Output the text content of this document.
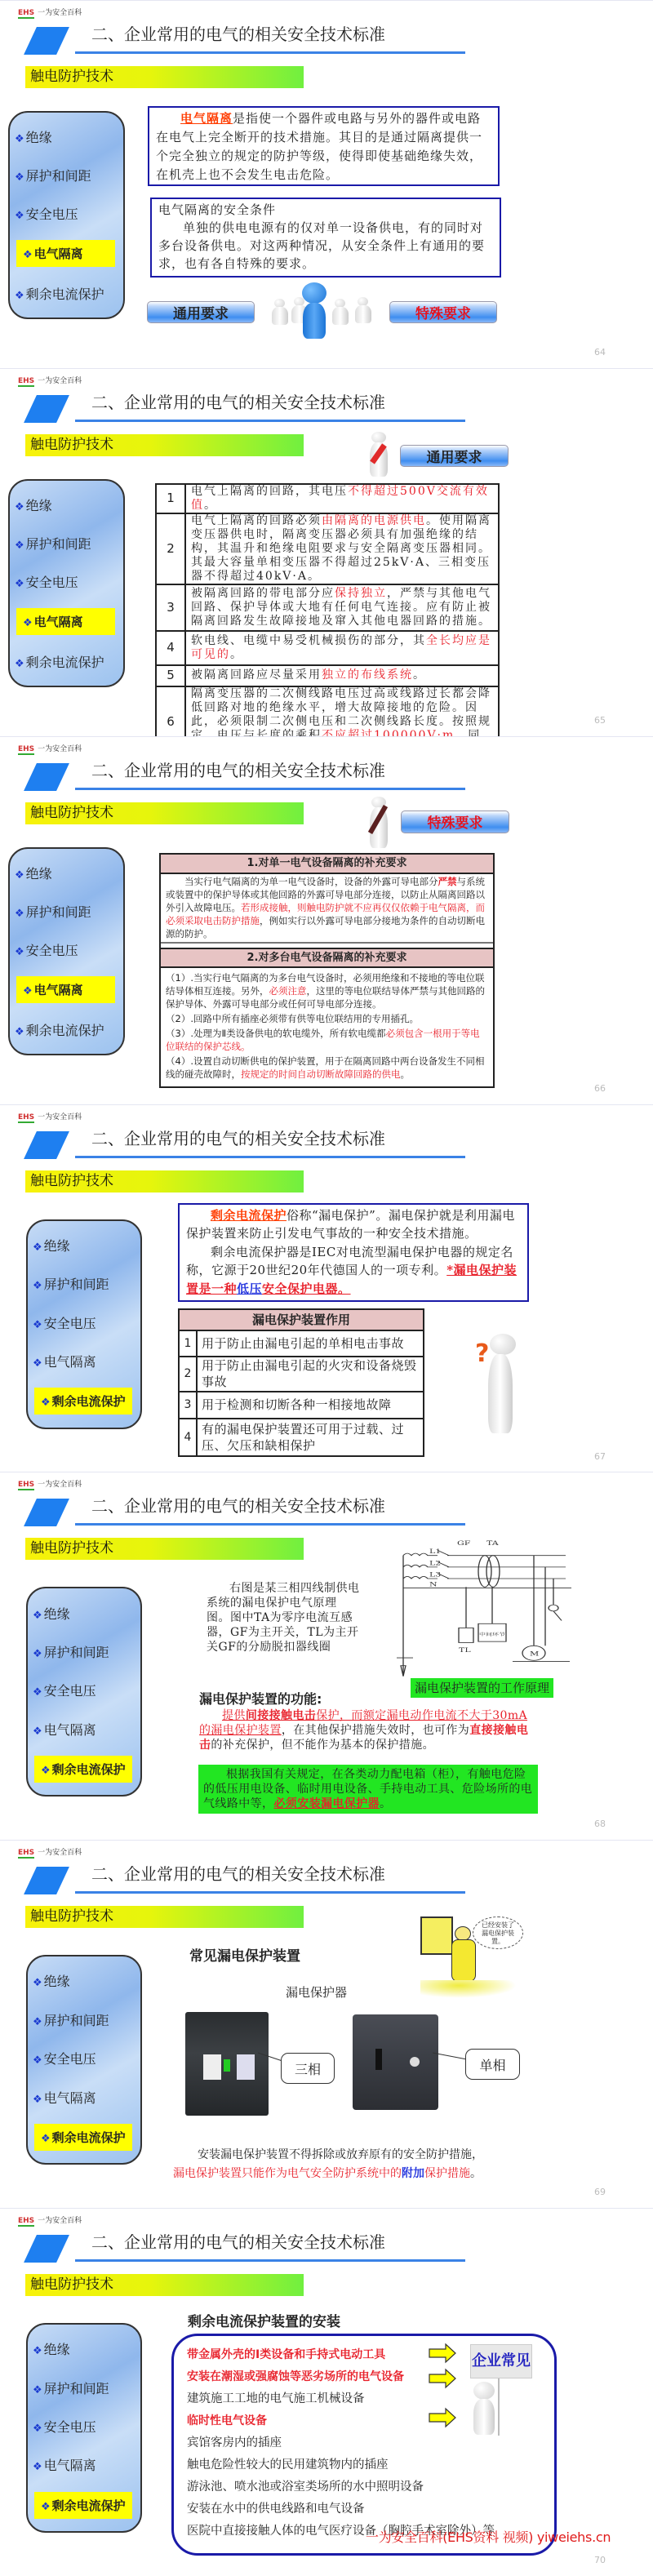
EHS 一为安全百科
二、企业常用的电气的相关安全技术标准
触电防护技术
❖ 绝缘
❖ 屏护和间距
❖ 安全电压
❖ 电气隔离
❖ 剩余电流保护

电气隔离是指使一个器件或电路与另外的器件或电路在电气上完全断开的技术措施。其目的是通过隔离提供一个完全独立的规定的防护等级，使得即使基础绝缘失效，在机壳上也不会发生电击危险。

电气隔离的安全条件

单独的供电电源有的仅对单一设备供电，有的同时对多台设备供电。对这两种情况，从安全条件上有通用的要求，也有各自特殊的要求。

通用要求	特殊要求
64
EHS 一为安全百科
二、企业常用的电气的相关安全技术标准
触电防护技术
❖ 绝缘
❖ 屏护和间距
❖ 安全电压
❖ 电气隔离
❖ 剩余电流保护
通用要求
1	电气上隔离的回路，其电压不得超过500V交流有效值。
2	电气上隔离的回路必须由隔离的电源供电。使用隔离变压器供电时，隔离变压器必须具有加强绝缘的结构，其温升和绝缘电阻要求与安全隔离变压器相同。其最大容量单相变压器不得超过25kV·A、三相变压器不得超过40kV·A。
3	被隔离回路的带电部分应保持独立，严禁与其他电气回路、保护导体或大地有任何电气连接。应有防止被隔离回路发生故障接地及窜入其他电器回路的措施。
4	软电线、电缆中易受机械损伤的部分，其全长均应是可见的。
5	被隔离回路应尽量采用独立的布线系统。
6	隔离变压器的二次侧线路电压过高或线路过长都会降低回路对地的绝缘水平，增大故障接地的危险。因此，必须限制二次侧电压和二次侧线路长度。按照规	65
EHS 一为安全百科
二、企业常用的电气的相关安全技术标准
触电防护技术
❖ 绝缘
❖ 屏护和间距
❖ 安全电压
❖ 电气隔离
❖ 剩余电流保护
特殊要求
1.对单一电气设备隔离的补充要求

当实行电气隔离的为单一电气设备时，设备的外露可导电部分严禁与系统或装置中的保护导体或其他回路的外露可导电部分连接，以防止从隔离回路以外引入故障电压。若形成接触，则触电防护就不应再仅仅依赖于电气隔离，而必须采取电击防护措施，例如实行以外露可导电部分接地为条件的自动切断电源的防护。

2.对多台电气设备隔离的补充要求

（1）.当实行电气隔离的为多台电气设备时，必须用绝缘和不接地的等电位联结导体相互连接。另外，必须注意，这里的等电位联结导体严禁与其他回路的保护导体、外露可导电部分或任何可导电部分连接。

（2）.回路中所有插座必须带有供等电位联结用的专用插孔。

（3）.处理为Ⅱ类设备供电的软电缆外，所有软电缆都必须包含一根用于等电位联结的保护芯线。

（4）.设置自动切断供电的保护装置，用于在隔离回路中两台设备发生不同相线的碰壳故障时，按规定的时间自动切断故障回路的供电。

66
EHS 一为安全百科
二、企业常用的电气的相关安全技术标准
触电防护技术
❖ 绝缘
❖ 屏护和间距
❖ 安全电压
❖ 电气隔离
❖ 剩余电流保护

剩余电流保护俗称“漏电保护”。漏电保护就是利用漏电保护装置来防止引发电气事故的一种安全技术措施。

剩余电流保护器是IEC对电流型漏电保护电器的规定名称，它源于20世纪20年代德国人的一项专利。*漏电保护装置是一种低压安全保护电器。

漏电保护装置作用	
1	用于防止由漏电引起的单相电击事故
2	用于防止由漏电引起的火灾和设备烧毁事故
3	用于检测和切断各种一相接地故障
4	有的漏电保护装置还可用于过载、过压、欠压和缺相保护
?
67
EHS 一为安全百科
二、企业常用的电气的相关安全技术标准
触电防护技术
❖ 绝缘
❖ 屏护和间距
❖ 安全电压
❖ 电气隔离
❖ 剩余电流保护

右图是某三相四线制供电系统的漏电保护电气原理图。图中TA为零序电流互感器，GF为主开关，TL为主开关GF的分励脱扣器线圈

L1
L2
L3
N
GF TA
TL
M
中间环节
漏电保护装置的工作原理

漏电保护装置的功能:

提供间接接触电击保护，而额定漏电动作电流不大于30mA 的漏电保护装置，在其他保护措施失效时，也可作为直接接触电击的补充保护，但不能作为基本的保护措施。

根据我国有关规定，在各类动力配电箱（柜），有触电危险的低压用电设备、临时用电设备、手持电动工具、危险场所的电气线路中等，必须安装漏电保护器。
68
EHS 一为安全百科
二、企业常用的电气的相关安全技术标准
触电防护技术
❖ 绝缘
❖ 屏护和间距
❖ 安全电压
❖ 电气隔离
❖ 剩余电流保护

常见漏电保护装置

漏电保护器

三相	单相
已经安装了漏电保护装置。

安装漏电保护装置不得拆除或放弃原有的安全防护措施，

漏电保护装置只能作为电气安全防护系统中的附加保护措施。

69
EHS 一为安全百科
二、企业常用的电气的相关安全技术标准
触电防护技术
❖ 绝缘
❖ 屏护和间距
❖ 安全电压
❖ 电气隔离
❖ 剩余电流保护

剩余电流保护装置的安装

带金属外壳的Ⅰ类设备和手持式电动工具

安装在潮湿或强腐蚀等恶劣场所的电气设备

建筑施工工地的电气施工机械设备

临时性电气设备

宾馆客房内的插座

触电危险性较大的民用建筑物内的插座

游泳池、喷水池或浴室类场所的水中照明设备

安装在水中的供电线路和电气设备

医院中直接接触人体的电气医疗设备（胸腔手术室除外）等

企业常见

一为安全百科(EHS资料 视频) yiweiehs.cn

70
